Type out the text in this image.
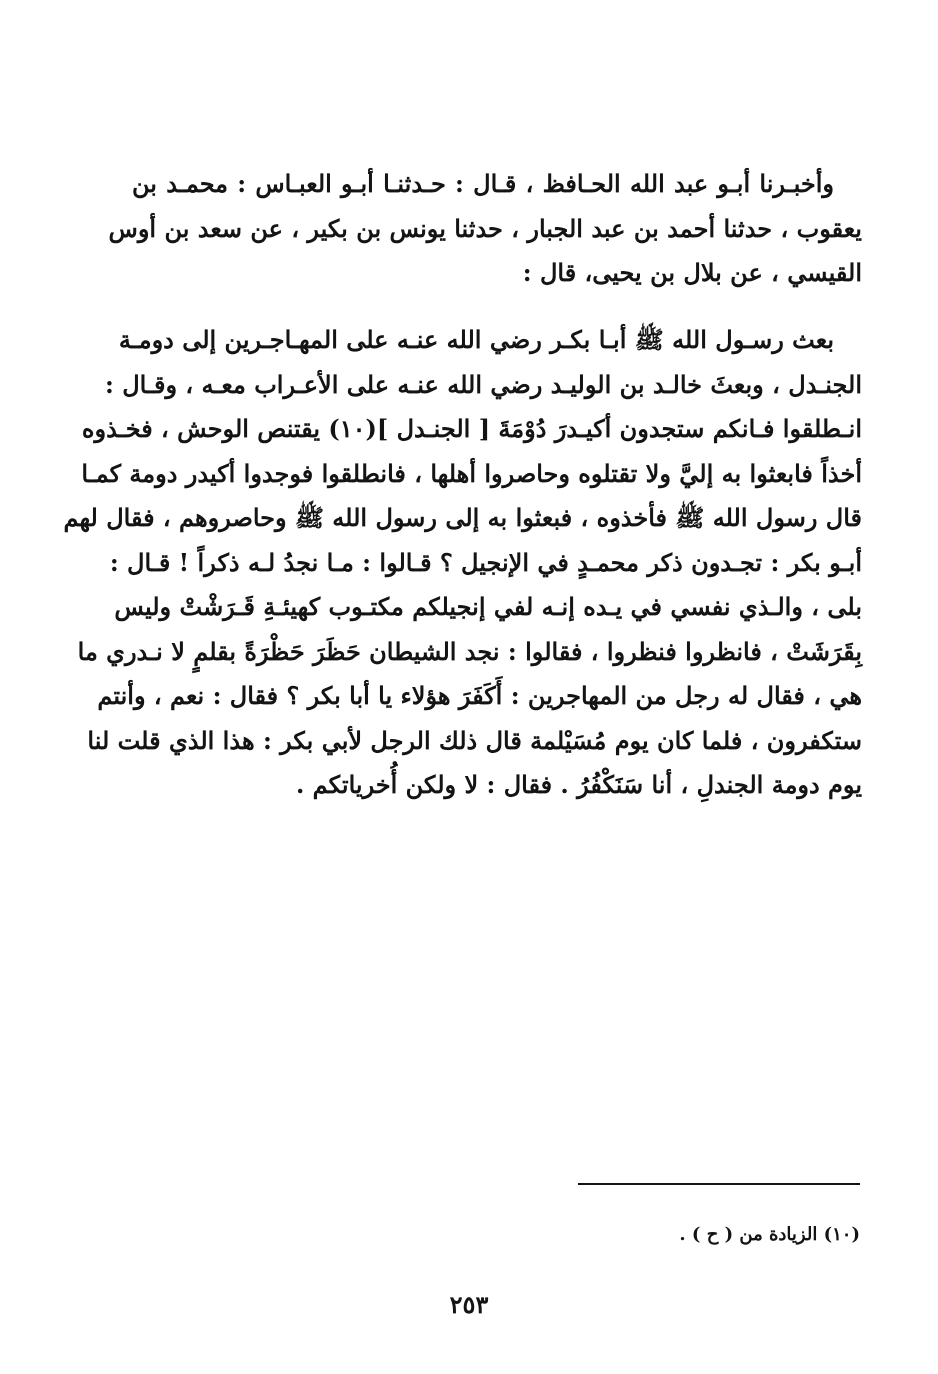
وأخبـرنا أبـو عبد الله الحـافظ ، قـال : حـدثنـا أبـو العبـاس : محمـد بن
يعقوب ، حدثنا أحمد بن عبد الجبار ، حدثنا يونس بن بكير ، عن سعد بن أوس
القيسي ، عن بلال بن يحيى، قال :
بعث رسـول الله ﷺ أبـا بكـر رضي الله عنـه على المهـاجـرين إلى دومـة
الجنـدل ، وبعثَ خالـد بن الوليـد رضي الله عنـه على الأعـراب معـه ، وقـال :
انـطلقوا فـانكم ستجدون أكيـدرَ دُوْمَةَ [ الجنـدل ](١٠) يقتنص الوحش ، فخـذوه
أخذاً فابعثوا به إليَّ ولا تقتلوه وحاصروا أهلها ، فانطلقوا فوجدوا أكيدر دومة كمـا
قال رسول الله ﷺ فأخذوه ، فبعثوا به إلى رسول الله ﷺ وحاصروهم ، فقال لهم
أبـو بكر : تجـدون ذكر محمـدٍ في الإنجيل ؟ قـالوا : مـا نجدُ لـه ذكراً ! قـال :
بلى ، والـذي نفسي في يـده إنـه لفي إنجيلكم مكتـوب كهيئـةِ قَـرَشْتْ وليس
بِقَرَشَتْ ، فانظروا فنظروا ، فقالوا : نجد الشيطان حَظَرَ حَظْرَةً بقلمٍ لا نـدري ما
هي ، فقال له رجل من المهاجرين : أَكَفَرَ هؤلاء يا أبا بكر ؟ فقال : نعم ، وأنتم
ستكفرون ، فلما كان يوم مُسَيْلمة قال ذلك الرجل لأبي بكر : هذا الذي قلت لنا
يوم دومة الجندلِ ، أنا سَنَكْفُرُ . فقال : لا ولكن أُخرياتكم .
(١٠) الزيادة من ( ح ) .
٢٥٣
